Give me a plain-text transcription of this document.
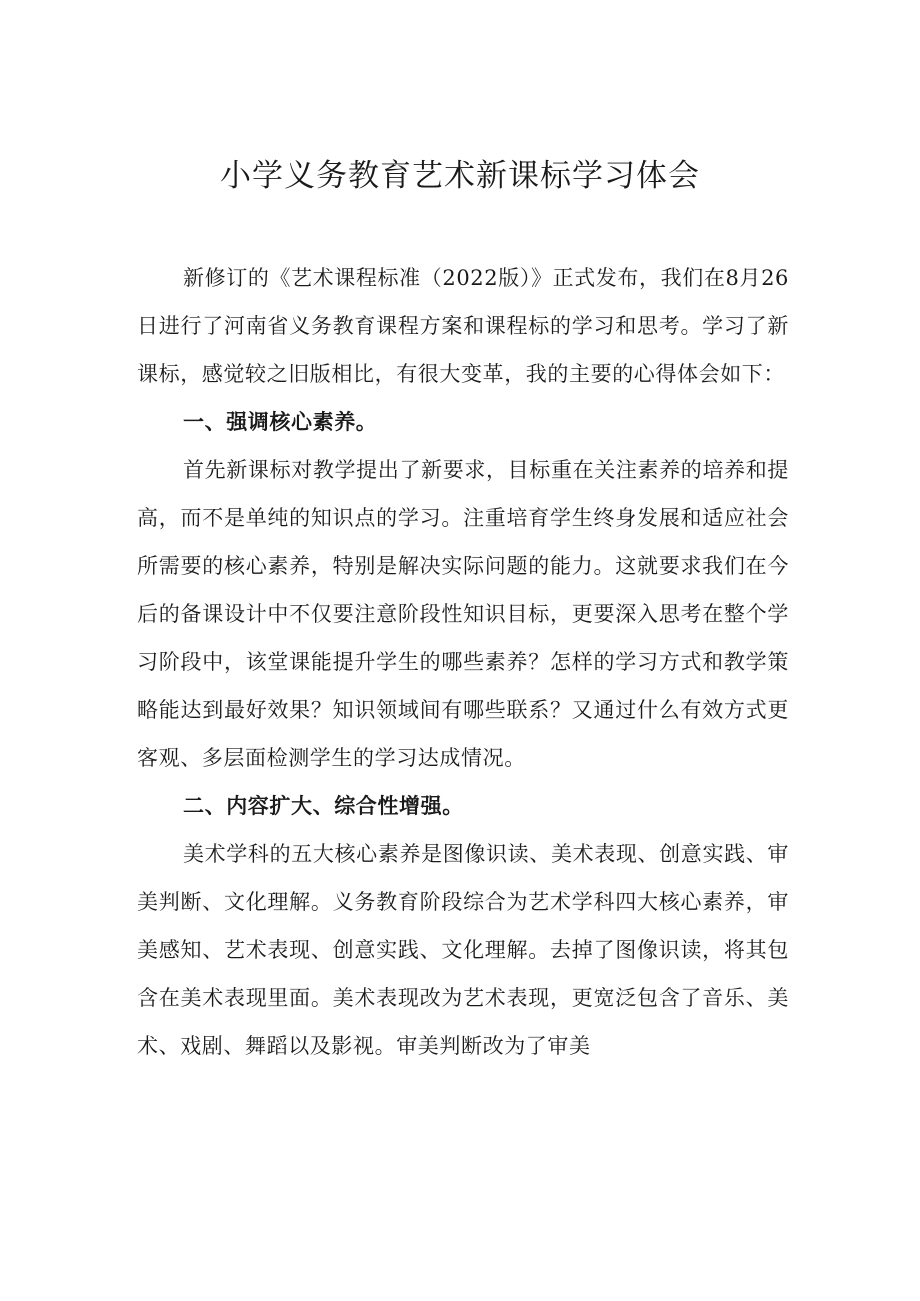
小学义务教育艺术新课标学习体会

新修订的《艺术课程标准（2022版）》正式发布，我们在8月26日进行了河南省义务教育课程方案和课程标的学习和思考。学习了新课标，感觉较之旧版相比，有很大变革，我的主要的心得体会如下：

一、强调核心素养。

首先新课标对教学提出了新要求，目标重在关注素养的培养和提高，而不是单纯的知识点的学习。注重培育学生终身发展和适应社会所需要的核心素养，特别是解决实际问题的能力。这就要求我们在今后的备课设计中不仅要注意阶段性知识目标，更要深入思考在整个学习阶段中，该堂课能提升学生的哪些素养？怎样的学习方式和教学策略能达到最好效果？知识领域间有哪些联系？又通过什么有效方式更客观、多层面检测学生的学习达成情况。

二、内容扩大、综合性增强。

美术学科的五大核心素养是图像识读、美术表现、创意实践、审美判断、文化理解。义务教育阶段综合为艺术学科四大核心素养，审美感知、艺术表现、创意实践、文化理解。去掉了图像识读，将其包含在美术表现里面。美术表现改为艺术表现，更宽泛包含了音乐、美术、戏剧、舞蹈以及影视。审美判断改为了审美
